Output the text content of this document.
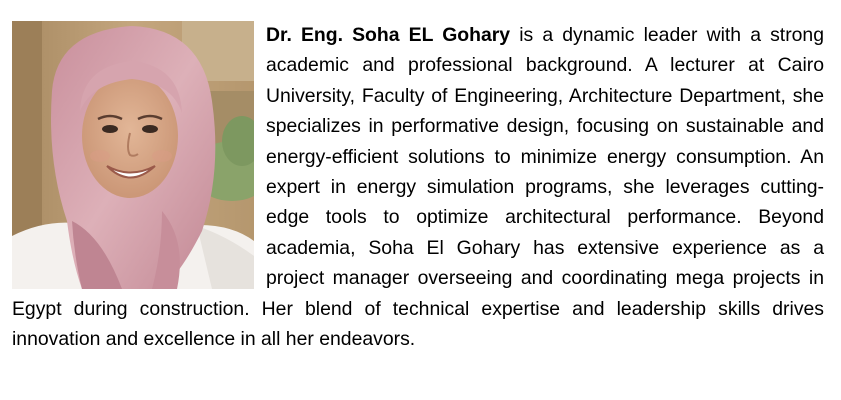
Dr. Eng. Soha EL Gohary is a dynamic leader with a strong academic and professional background. A lecturer at Cairo University, Faculty of Engineering, Architecture Department, she specializes in performative design, focusing on sustainable and energy-efficient solutions to minimize energy consumption. An expert in energy simulation programs, she leverages cutting-edge tools to optimize architectural performance. Beyond academia, Soha El Gohary has extensive experience as a project manager overseeing and coordinating mega projects in Egypt during construction. Her blend of technical expertise and leadership skills drives innovation and excellence in all her endeavors.
